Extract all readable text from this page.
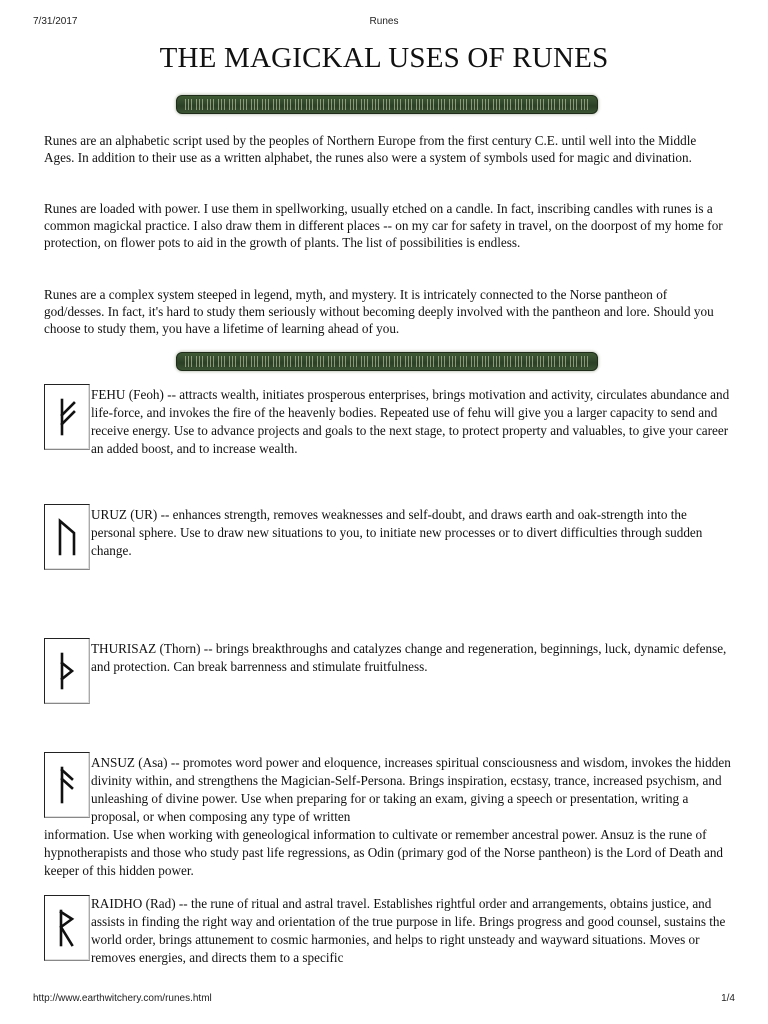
7/31/2017	Runes
THE MAGICKAL USES OF RUNES

Runes are an alphabetic script used by the peoples of Northern Europe from the first century C.E. until well into the Middle Ages. In addition to their use as a written alphabet, the runes also were a system of symbols used for magic and divination.

Runes are loaded with power. I use them in spellworking, usually etched on a candle. In fact, inscribing candles with runes is a common magickal practice. I also draw them in different places -- on my car for safety in travel, on the doorpost of my home for protection, on flower pots to aid in the growth of plants. The list of possibilities is endless.

Runes are a complex system steeped in legend, myth, and mystery. It is intricately connected to the Norse pantheon of god/desses. In fact, it's hard to study them seriously without becoming deeply involved with the pantheon and lore. Should you choose to study them, you have a lifetime of learning ahead of you.

FEHU (Feoh) -- attracts wealth, initiates prosperous enterprises, brings motivation and activity, circulates abundance and life-force, and invokes the fire of the heavenly bodies. Repeated use of fehu will give you a larger capacity to send and receive energy. Use to advance projects and goals to the next stage, to protect property and valuables, to give your career an added boost, and to increase wealth.

URUZ (UR) -- enhances strength, removes weaknesses and self-doubt, and draws earth and oak-strength into the personal sphere. Use to draw new situations to you, to initiate new processes or to divert difficulties through sudden change.

THURISAZ (Thorn) -- brings breakthroughs and catalyzes change and regeneration, beginnings, luck, dynamic defense, and protection. Can break barrenness and stimulate fruitfulness.

ANSUZ (Asa) -- promotes word power and eloquence, increases spiritual consciousness and wisdom, invokes the hidden divinity within, and strengthens the Magician-Self-Persona. Brings inspiration, ecstasy, trance, increased psychism, and unleashing of divine power. Use when preparing for or taking an exam, giving a speech or presentation, writing a proposal, or when composing any type of written

information. Use when working with geneological information to cultivate or remember ancestral power. Ansuz is the rune of hypnotherapists and those who study past life regressions, as Odin (primary god of the Norse pantheon) is the Lord of Death and keeper of this hidden power.

RAIDHO (Rad) -- the rune of ritual and astral travel. Establishes rightful order and arrangements, obtains justice, and assists in finding the right way and orientation of the true purpose in life. Brings progress and good counsel, sustains the world order, brings attunement to cosmic harmonies, and helps to right unsteady and wayward situations. Moves or removes energies, and directs them to a specific

http://www.earthwitchery.com/runes.html	1/4
